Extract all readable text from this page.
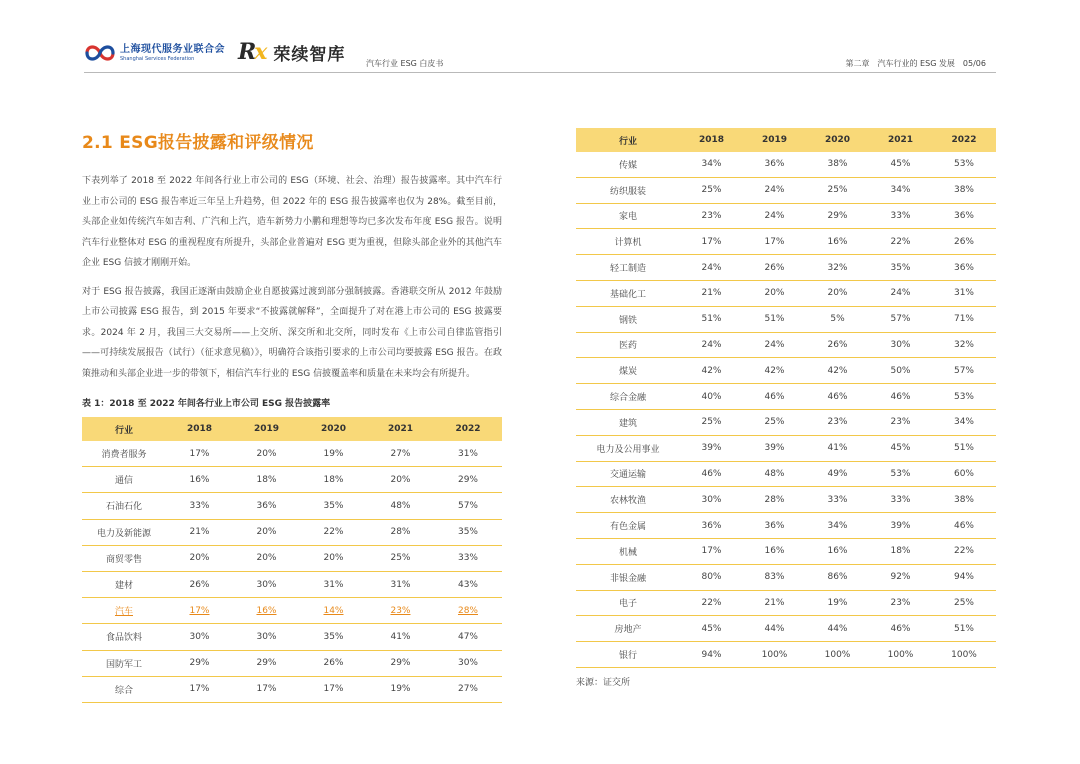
上海现代服务业联合会
Shanghai Services Federation	Rx 荣续智库	汽车行业 ESG 白皮书	第二章　汽车行业的 ESG 发展　05/06
2.1 ESG报告披露和评级情况

下表列举了 2018 至 2022 年间各行业上市公司的 ESG（环境、社会、治理）报告披露率。其中汽车行业上市公司的 ESG 报告率近三年呈上升趋势，但 2022 年的 ESG 报告披露率也仅为 28%。截至目前，头部企业如传统汽车如吉利、广汽和上汽，造车新势力小鹏和理想等均已多次发布年度 ESG 报告。说明汽车行业整体对 ESG 的重视程度有所提升，头部企业普遍对 ESG 更为重视，但除头部企业外的其他汽车企业 ESG 信披才刚刚开始。

对于 ESG 报告披露，我国正逐渐由鼓励企业自愿披露过渡到部分强制披露。香港联交所从 2012 年鼓励上市公司披露 ESG 报告，到 2015 年要求“不披露就解释”，全面提升了对在港上市公司的 ESG 披露要求。2024 年 2 月，我国三大交易所——上交所、深交所和北交所，同时发布《上市公司自律监管指引——可持续发展报告（试行）（征求意见稿）》，明确符合该指引要求的上市公司均要披露 ESG 报告。在政策推动和头部企业进一步的带领下，相信汽车行业的 ESG 信披覆盖率和质量在未来均会有所提升。

表 1：2018 至 2022 年间各行业上市公司 ESG 报告披露率
行业	2018	2019	2020	2021	2022
消费者服务	17%	20%	19%	27%	31%
通信	16%	18%	18%	20%	29%
石油石化	33%	36%	35%	48%	57%
电力及新能源	21%	20%	22%	28%	35%
商贸零售	20%	20%	20%	25%	33%
建材	26%	30%	31%	31%	43%
汽车	17%	16%	14%	23%	28%
食品饮料	30%	30%	35%	41%	47%
国防军工	29%	29%	26%	29%	30%
综合	17%	17%	17%	19%	27%
行业	2018	2019	2020	2021	2022
传媒	34%	36%	38%	45%	53%
纺织服装	25%	24%	25%	34%	38%
家电	23%	24%	29%	33%	36%
计算机	17%	17%	16%	22%	26%
轻工制造	24%	26%	32%	35%	36%
基础化工	21%	20%	20%	24%	31%
钢铁	51%	51%	5%	57%	71%
医药	24%	24%	26%	30%	32%
煤炭	42%	42%	42%	50%	57%
综合金融	40%	46%	46%	46%	53%
建筑	25%	25%	23%	23%	34%
电力及公用事业	39%	39%	41%	45%	51%
交通运输	46%	48%	49%	53%	60%
农林牧渔	30%	28%	33%	33%	38%
有色金属	36%	36%	34%	39%	46%
机械	17%	16%	16%	18%	22%
非银金融	80%	83%	86%	92%	94%
电子	22%	21%	19%	23%	25%
房地产	45%	44%	44%	46%	51%
银行	94%	100%	100%	100%	100%
来源：证交所
